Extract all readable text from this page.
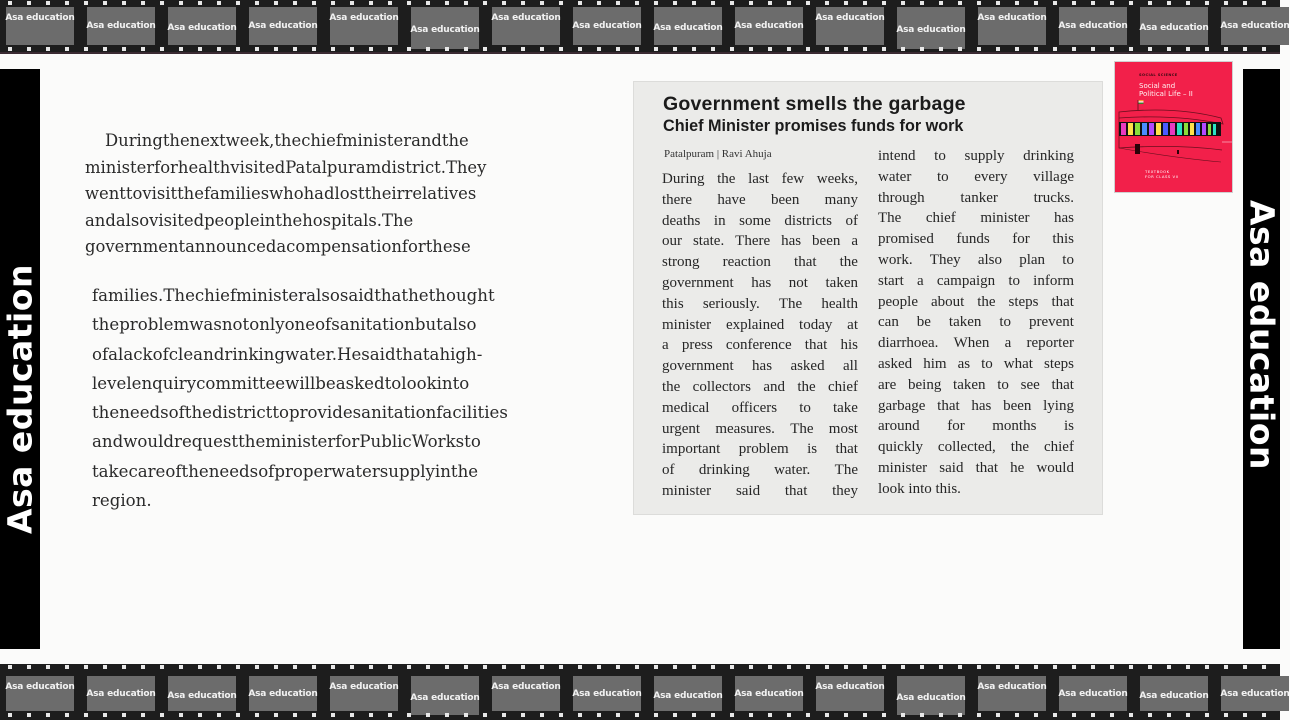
Asa education
Asa education Asa education Asa education
Asa education
Asa education
Asa education
Asa education Asa education Asa education
Asa education
Asa education
Asa education
Asa education Asa education Asa education
Asa education
Duringthenextweek,thechiefministerandthe
ministerforhealthvisitedPatalpuramdistrict.They
wenttovisitthefamilieswhohadlosttheirrelatives
andalsovisitedpeopleinthehospitals.The
governmentannouncedacompensationforthese
families.Thechiefministeralsosaidthathethought
theproblemwasnotonlyoneofsanitationbutalso
ofalackofcleandrinkingwater.Hesaidthatahigh-
levelenquirycommitteewillbeaskedtolookinto
theneedsofthedistricttoprovidesanitationfacilities
andwouldrequesttheministerforPublicWorksto
takecareoftheneedsofproperwatersupplyinthe
region.
Government smells the garbage
Chief Minister promises funds for work
Patalpuram | Ravi Ahuja
During the last few weeks,
there have been many
deaths in some districts of
our state. There has been a
strong reaction that the
government has not taken
this seriously. The health
minister explained today at
a press conference that his
government has asked all
the collectors and the chief
medical officers to take
urgent measures. The most
important problem is that
of drinking water. The
minister said that they
intend to supply drinking
water to every village
through tanker trucks.
The chief minister has
promised funds for this
work. They also plan to
start a campaign to inform
people about the steps that
can be taken to prevent
diarrhoea. When a reporter
asked him as to what steps
are being taken to see that
garbage that has been lying
around for months is
quickly collected, the chief
minister said that he would
look into this.
SOCIAL SCIENCE
Social and
Political Life – II
TEXTBOOK
FOR CLASS VII
Asa education
Asa education
Asa education Asa education Asa education
Asa education
Asa education
Asa education
Asa education Asa education Asa education
Asa education
Asa education
Asa education
Asa education Asa education Asa education
